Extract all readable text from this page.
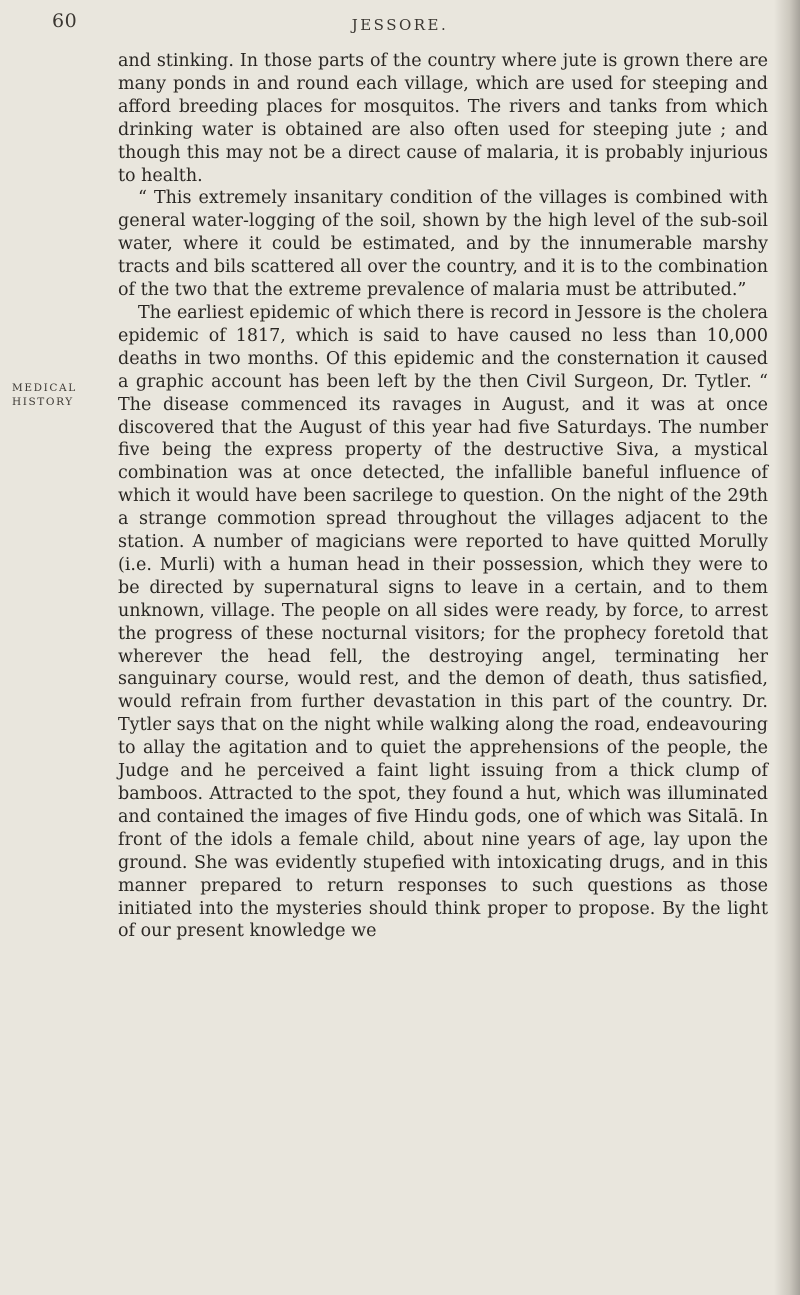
60	JESSORE.
MEDICAL
HISTORY

and stinking. In those parts of the country where jute is grown there are many ponds in and round each village, which are used for steeping and afford breeding places for mosquitos. The rivers and tanks from which drinking water is obtained are also often used for steeping jute ; and though this may not be a direct cause of malaria, it is probably injurious to health.

“ This extremely insanitary condition of the villages is combined with general water-logging of the soil, shown by the high level of the sub-soil water, where it could be estimated, and by the innumerable marshy tracts and bils scattered all over the country, and it is to the combination of the two that the extreme prevalence of malaria must be attributed.”

The earliest epidemic of which there is record in Jessore is the cholera epidemic of 1817, which is said to have caused no less than 10,000 deaths in two months. Of this epidemic and the consternation it caused a graphic account has been left by the then Civil Surgeon, Dr. Tytler. “ The disease commenced its ravages in August, and it was at once discovered that the August of this year had five Saturdays. The number five being the express property of the destructive Siva, a mystical combination was at once detected, the infallible baneful influence of which it would have been sacrilege to question. On the night of the 29th a strange commotion spread throughout the villages adjacent to the station. A number of magicians were reported to have quitted Morully (i.e. Murli) with a human head in their possession, which they were to be directed by supernatural signs to leave in a certain, and to them unknown, village. The people on all sides were ready, by force, to arrest the progress of these nocturnal visitors; for the prophecy foretold that wherever the head fell, the destroying angel, terminating her sanguinary course, would rest, and the demon of death, thus satisfied, would refrain from further devastation in this part of the country. Dr. Tytler says that on the night while walking along the road, endeavouring to allay the agitation and to quiet the apprehensions of the people, the Judge and he perceived a faint light issuing from a thick clump of bamboos. Attracted to the spot, they found a hut, which was illuminated and contained the images of five Hindu gods, one of which was Sitalā. In front of the idols a female child, about nine years of age, lay upon the ground. She was evidently stupefied with intoxicating drugs, and in this manner prepared to return responses to such questions as those initiated into the mysteries should think proper to propose. By the light of our present knowledge we
